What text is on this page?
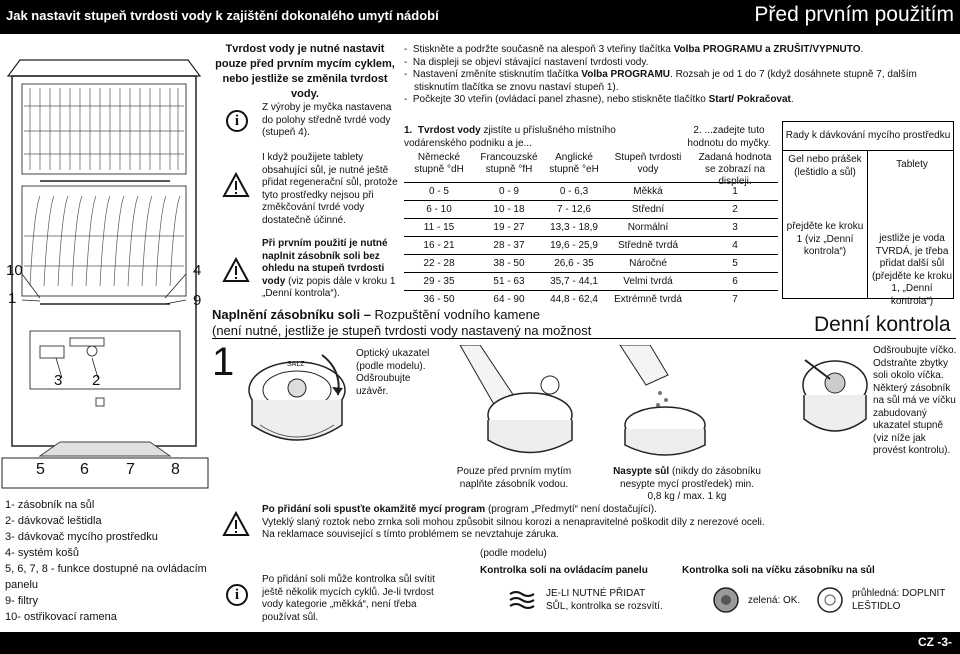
Jak nastavit stupeň tvrdosti vody k zajištění dokonalého umytí nádobí	Před prvním použitím
10
1
4
9
3 2
5 6 7 8
1- zásobník na sůl
2- dávkovač leštidla
3- dávkovač mycího prostředku
4- systém košů
5, 6, 7, 8 - funkce dostupné na ovládacím panelu
9- filtry
10- ostřikovací ramena
Tvrdost vody je nutné nastavit pouze před prvním mycím cyklem, nebo jestliže se změnila tvrdost vody.
i
Z výroby je myčka nastavena do polohy středně tvrdé vody (stupeň 4).
I když použijete tablety obsahující sůl, je nutné ještě přidat regenerační sůl, protože tyto prostředky nejsou při změkčování tvrdé vody dostatečně účinné.
Při prvním použití je nutné naplnit zásobník soli bez ohledu na stupeň tvrdosti vody (viz popis dále v kroku 1 „Denní kontrola“).
-  Stiskněte a podržte současně na alespoň 3 vteřiny tlačítka Volba PROGRAMU a ZRUŠIT/VYPNUTO.
-  Na displeji se objeví stávající nastavení tvrdosti vody.
-  Nastavení změníte stisknutím tlačítka Volba PROGRAMU. Rozsah je od 1 do 7 (když dosáhnete stupně 7, dalším stisknutím tlačítka se znovu nastaví stupeň 1).
-  Počkejte 30 vteřin (ovládací panel zhasne), nebo stiskněte tlačítko Start/ Pokračovat.
1. Tvrdost vody zjistíte u příslušného místního vodárenského podniku a je...
2. ...zadejte tuto hodnotu do myčky.
Rady k dávkování mycího prostředku
Německé stupně °dH
Francouzské stupně °fH
Anglické stupně °eH
Stupeň tvrdosti vody
Zadaná hodnota se zobrazí na displeji.
0 - 5	0 - 9	0 - 6,3	Měkká	1
6 - 10	10 - 18	7 - 12,6	Střední	2
11 - 15	19 - 27	13,3 - 18,9	Normální	3
16 - 21	28 - 37	19,6 - 25,9	Středně tvrdá	4
22 - 28	38 - 50	26,6 - 35	Náročné	5
29 - 35	51 - 63	35,7 - 44,1	Velmi tvrdá	6
36 - 50	64 - 90	44,8 - 62,4	Extrémně tvrdá	7
Gel nebo prášek (leštidlo a sůl)
Tablety
přejděte ke kroku 1 (viz „Denní kontrola“)
jestliže je voda TVRDÁ, je třeba přidat další sůl (přejděte ke kroku 1, „Denní kontrola“)
Naplnění zásobníku soli – Rozpuštění vodního kamene
(není nutné, jestliže je stupeň tvrdosti vody nastavený na možnost	Denní kontrola
1	SALZ
Optický ukazatel (podle modelu). Odšroubujte uzávěr.
Odšroubujte víčko. Odstraňte zbytky soli okolo víčka. Některý zásobník na sůl má ve víčku zabudovaný ukazatel stupně (viz níže jak provést kontrolu).
Pouze před prvním mytím naplňte zásobník vodou.
Nasypte sůl (nikdy do zásobníku nesypte mycí prostředek) min. 0,8 kg / max. 1 kg
Po přidání soli spusťte okamžitě mycí program (program „Předmytí“ není dostačující).
Vyteklý slaný roztok nebo zrnka soli mohou způsobit silnou korozi a nenapravitelné poškodit díly z nerezové oceli.
Na reklamace související s tímto problémem se nevztahuje záruka.
i
Po přidání soli může kontrolka sůl svítit ještě několik mycích cyklů. Je-li tvrdost vody kategorie „měkká“, není třeba používat sůl.
(podle modelu)
Kontrolka soli na ovládacím panelu
JE-LI NUTNÉ PŘIDAT SŮL, kontrolka se rozsvítí.
Kontrolka soli na víčku zásobníku na sůl
zelená: OK.
průhledná: DOPLNIT LEŠTIDLO
CZ -3-
